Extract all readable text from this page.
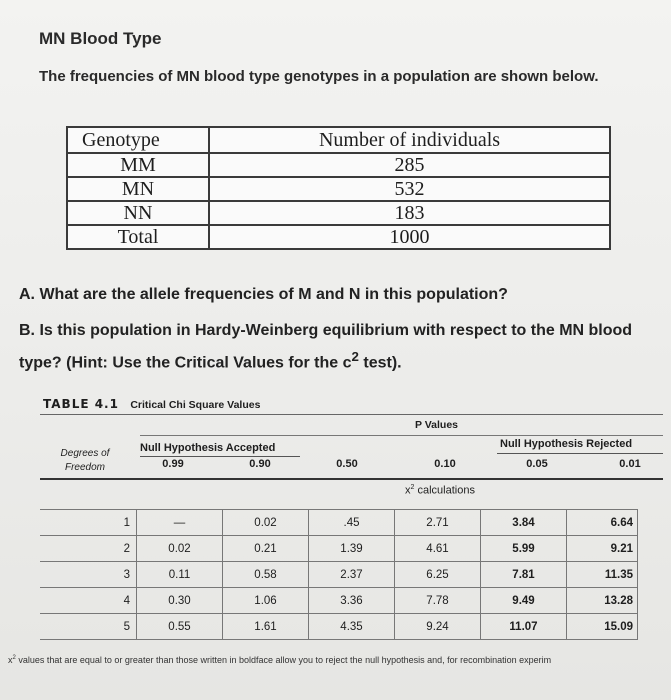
MN Blood Type
The frequencies of MN blood type genotypes in a population are shown below.
Genotype	Number of individuals
MM	285
MN	532
NN	183
Total	1000
A. What are the allele frequencies of M and N in this population?
B. Is this population in Hardy-Weinberg equilibrium with respect to the MN blood type? (Hint: Use the Critical Values for the $c^2$ test).
TABLE 4.1 Critical Chi Square Values
P Values
Degrees of Freedom
Null Hypothesis Accepted	Null Hypothesis Rejected
0.99	0.90	0.50	0.10	0.05	0.01
$x^2$ calculations
1	—	0.02	.45	2.71	3.84	6.64
2	0.02	0.21	1.39	4.61	5.99	9.21
3	0.11	0.58	2.37	6.25	7.81	11.35
4	0.30	1.06	3.36	7.78	9.49	13.28
5	0.55	1.61	4.35	9.24	11.07	15.09
$x^2$ values that are equal to or greater than those written in boldface allow you to reject the null hypothesis and, for recombination experim
